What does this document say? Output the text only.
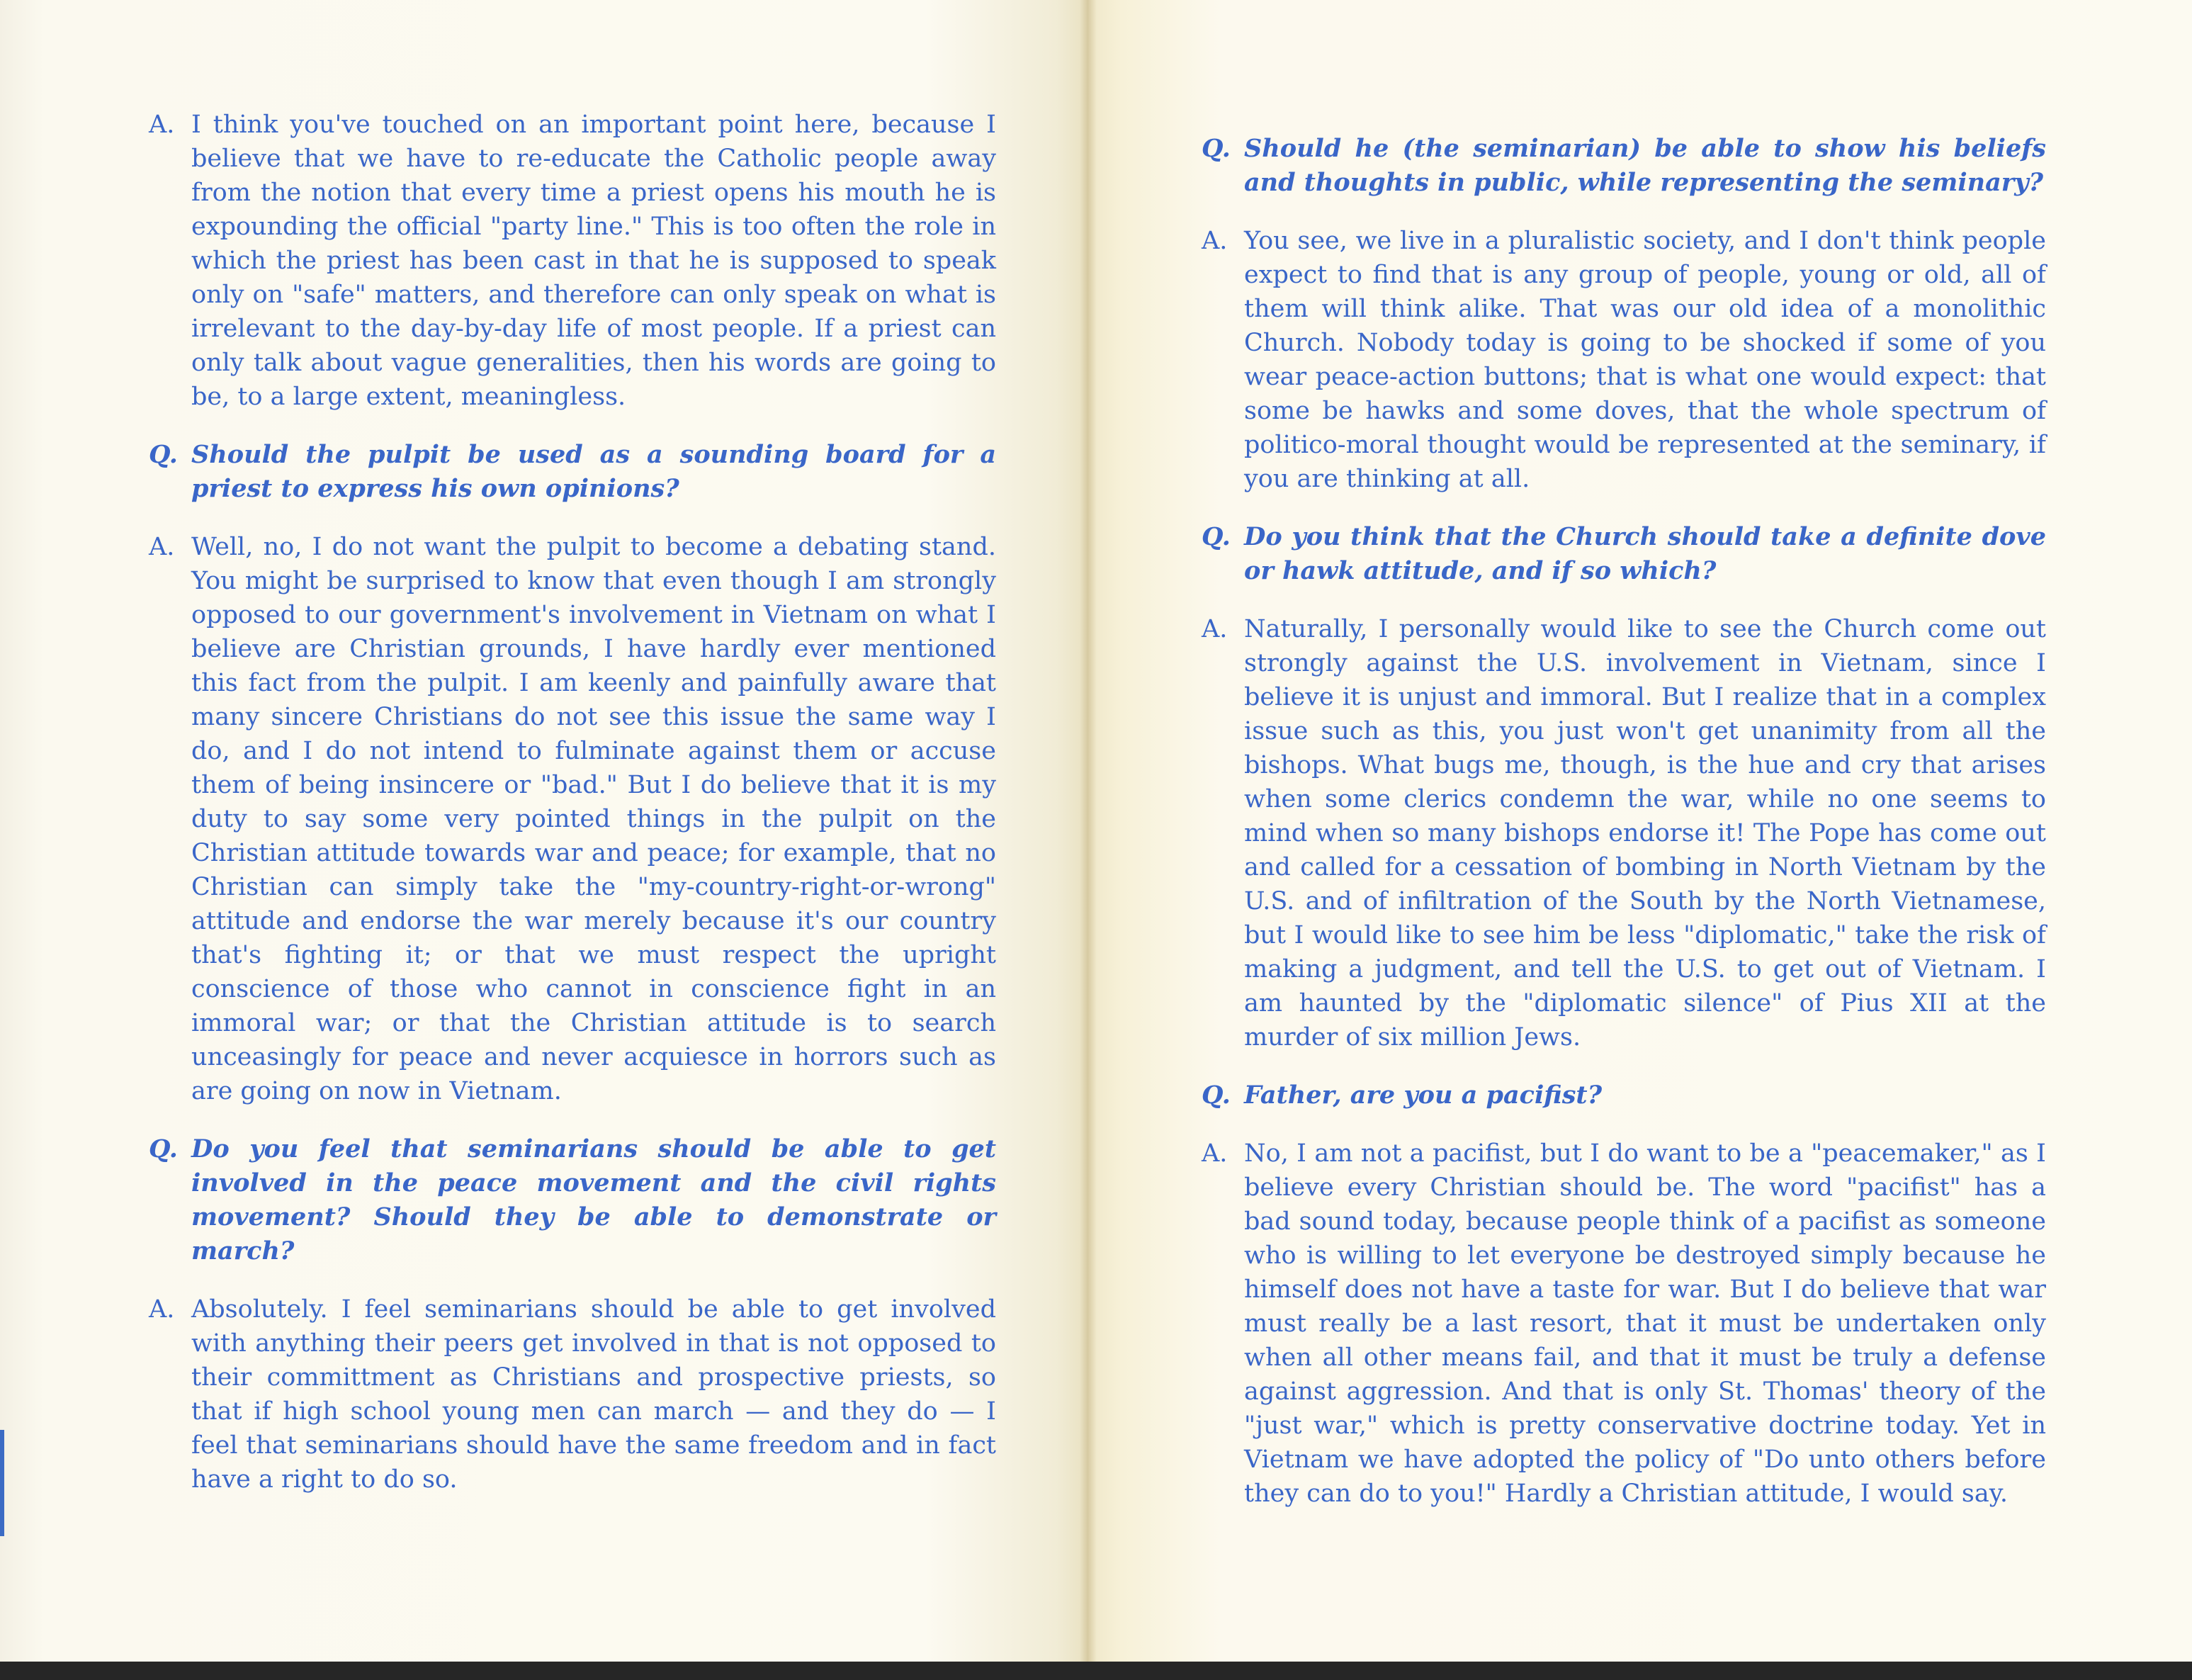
A. I think you've touched on an important point here, because I believe that we have to re-educate the Catholic people away from the notion that every time a priest opens his mouth he is expounding the official "party line." This is too often the role in which the priest has been cast in that he is supposed to speak only on "safe" matters, and therefore can only speak on what is irrelevant to the day-by-day life of most people. If a priest can only talk about vague generalities, then his words are going to be, to a large extent, meaningless.
Q. Should the pulpit be used as a sounding board for a priest to express his own opinions?
A. Well, no, I do not want the pulpit to become a debating stand. You might be surprised to know that even though I am strongly opposed to our government's involvement in Vietnam on what I believe are Christian grounds, I have hardly ever mentioned this fact from the pulpit. I am keenly and painfully aware that many sincere Christians do not see this issue the same way I do, and I do not intend to fulminate against them or accuse them of being insincere or "bad." But I do believe that it is my duty to say some very pointed things in the pulpit on the Christian attitude towards war and peace; for example, that no Christian can simply take the "my-country-right-or-wrong" attitude and endorse the war merely because it's our country that's fighting it; or that we must respect the upright conscience of those who cannot in conscience fight in an immoral war; or that the Christian attitude is to search unceasingly for peace and never acquiesce in horrors such as are going on now in Vietnam.
Q. Do you feel that seminarians should be able to get involved in the peace movement and the civil rights movement? Should they be able to demonstrate or march?
A. Absolutely. I feel seminarians should be able to get involved with anything their peers get involved in that is not opposed to their committment as Christians and prospective priests, so that if high school young men can march — and they do — I feel that seminarians should have the same freedom and in fact have a right to do so.
Q. Should he (the seminarian) be able to show his beliefs and thoughts in public, while representing the seminary?
A. You see, we live in a pluralistic society, and I don't think people expect to find that is any group of people, young or old, all of them will think alike. That was our old idea of a monolithic Church. Nobody today is going to be shocked if some of you wear peace-action buttons; that is what one would expect: that some be hawks and some doves, that the whole spectrum of politico-moral thought would be represented at the seminary, if you are thinking at all.
Q. Do you think that the Church should take a definite dove or hawk attitude, and if so which?
A. Naturally, I personally would like to see the Church come out strongly against the U.S. involvement in Vietnam, since I believe it is unjust and immoral. But I realize that in a complex issue such as this, you just won't get unanimity from all the bishops. What bugs me, though, is the hue and cry that arises when some clerics condemn the war, while no one seems to mind when so many bishops endorse it! The Pope has come out and called for a cessation of bombing in North Vietnam by the U.S. and of infiltration of the South by the North Vietnamese, but I would like to see him be less "diplomatic," take the risk of making a judgment, and tell the U.S. to get out of Vietnam. I am haunted by the "diplomatic silence" of Pius XII at the murder of six million Jews.
Q. Father, are you a pacifist?
A. No, I am not a pacifist, but I do want to be a "peacemaker," as I believe every Christian should be. The word "pacifist" has a bad sound today, because people think of a pacifist as someone who is willing to let everyone be destroyed simply because he himself does not have a taste for war. But I do believe that war must really be a last resort, that it must be undertaken only when all other means fail, and that it must be truly a defense against aggression. And that is only St. Thomas' theory of the "just war," which is pretty conservative doctrine today. Yet in Vietnam we have adopted the policy of "Do unto others before they can do to you!" Hardly a Christian attitude, I would say.
